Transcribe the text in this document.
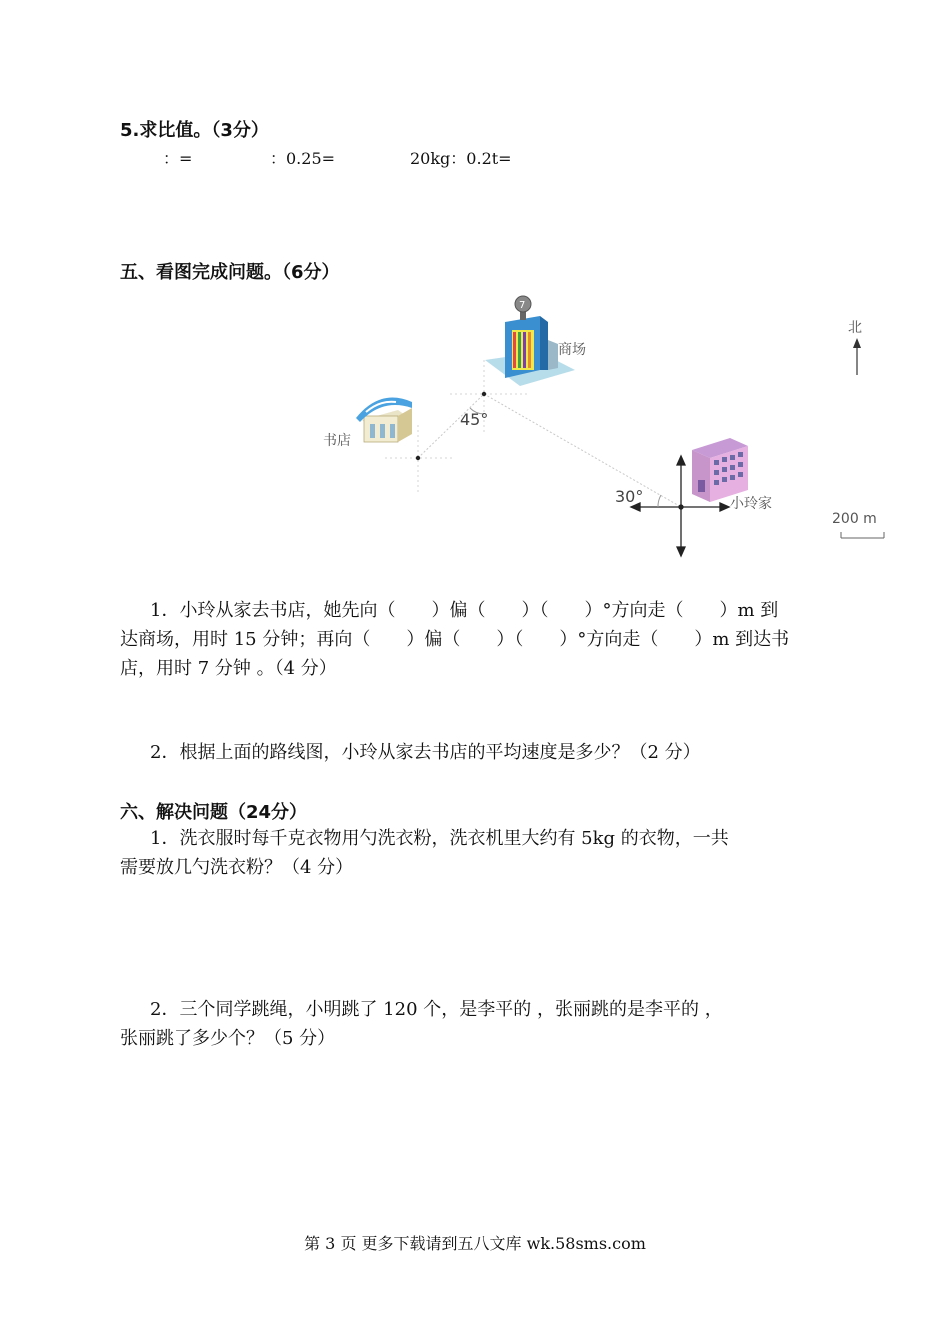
5.求比值。（3分）
：=	：0.25=	20kg：0.2t=
五、看图完成问题。（6分）
45°
30°
7
商场
书店
小玲家
北
200 m
1．小玲从家去书店，她先向（　　）偏（　　）（　　）°方向走（　　）m 到
达商场，用时 15 分钟；再向（　　）偏（　　）（　　）°方向走（　　）m 到达书
店，用时 7 分钟 。（4 分）
2．根据上面的路线图，小玲从家去书店的平均速度是多少？（2 分）
六、解决问题（24分）
1．洗衣服时每千克衣物用勺洗衣粉，洗衣机里大约有 5kg 的衣物，一共
需要放几勺洗衣粉？（4 分）
2．三个同学跳绳，小明跳了 120 个，是李平的 ，张丽跳的是李平的 ，
张丽跳了多少个？（5 分）
第 3 页 更多下载请到五八文库 wk.58sms.com
